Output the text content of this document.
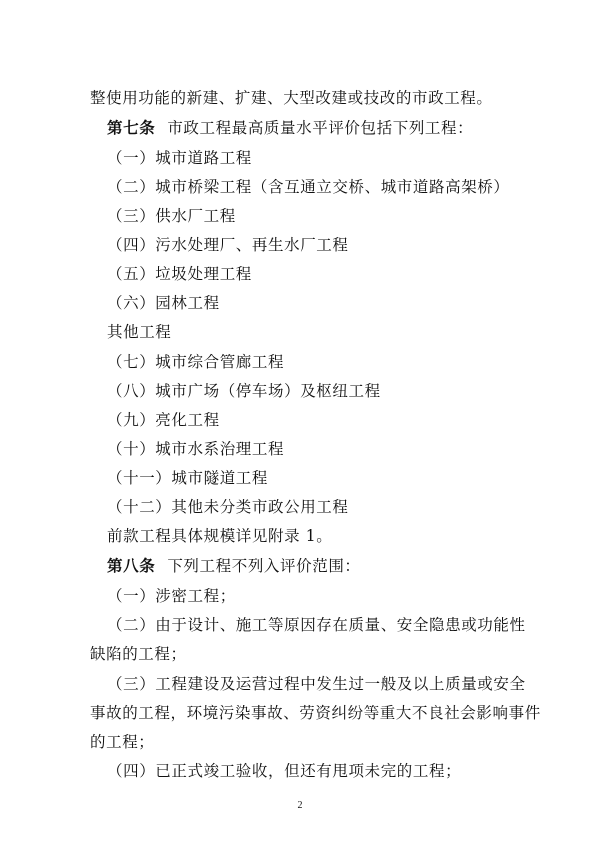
整使用功能的新建、扩建、大型改建或技改的市政工程。
第七条 市政工程最高质量水平评价包括下列工程：
（一）城市道路工程
（二）城市桥梁工程（含互通立交桥、城市道路高架桥）
（三）供水厂工程
（四）污水处理厂、再生水厂工程
（五）垃圾处理工程
（六）园林工程
其他工程
（七）城市综合管廊工程
（八）城市广场（停车场）及枢纽工程
（九）亮化工程
（十）城市水系治理工程
（十一）城市隧道工程
（十二）其他未分类市政公用工程
前款工程具体规模详见附录 1。
第八条 下列工程不列入评价范围：
（一）涉密工程；
（二）由于设计、施工等原因存在质量、安全隐患或功能性
缺陷的工程；
（三）工程建设及运营过程中发生过一般及以上质量或安全
事故的工程，环境污染事故、劳资纠纷等重大不良社会影响事件
的工程；
（四）已正式竣工验收，但还有甩项未完的工程；
2
